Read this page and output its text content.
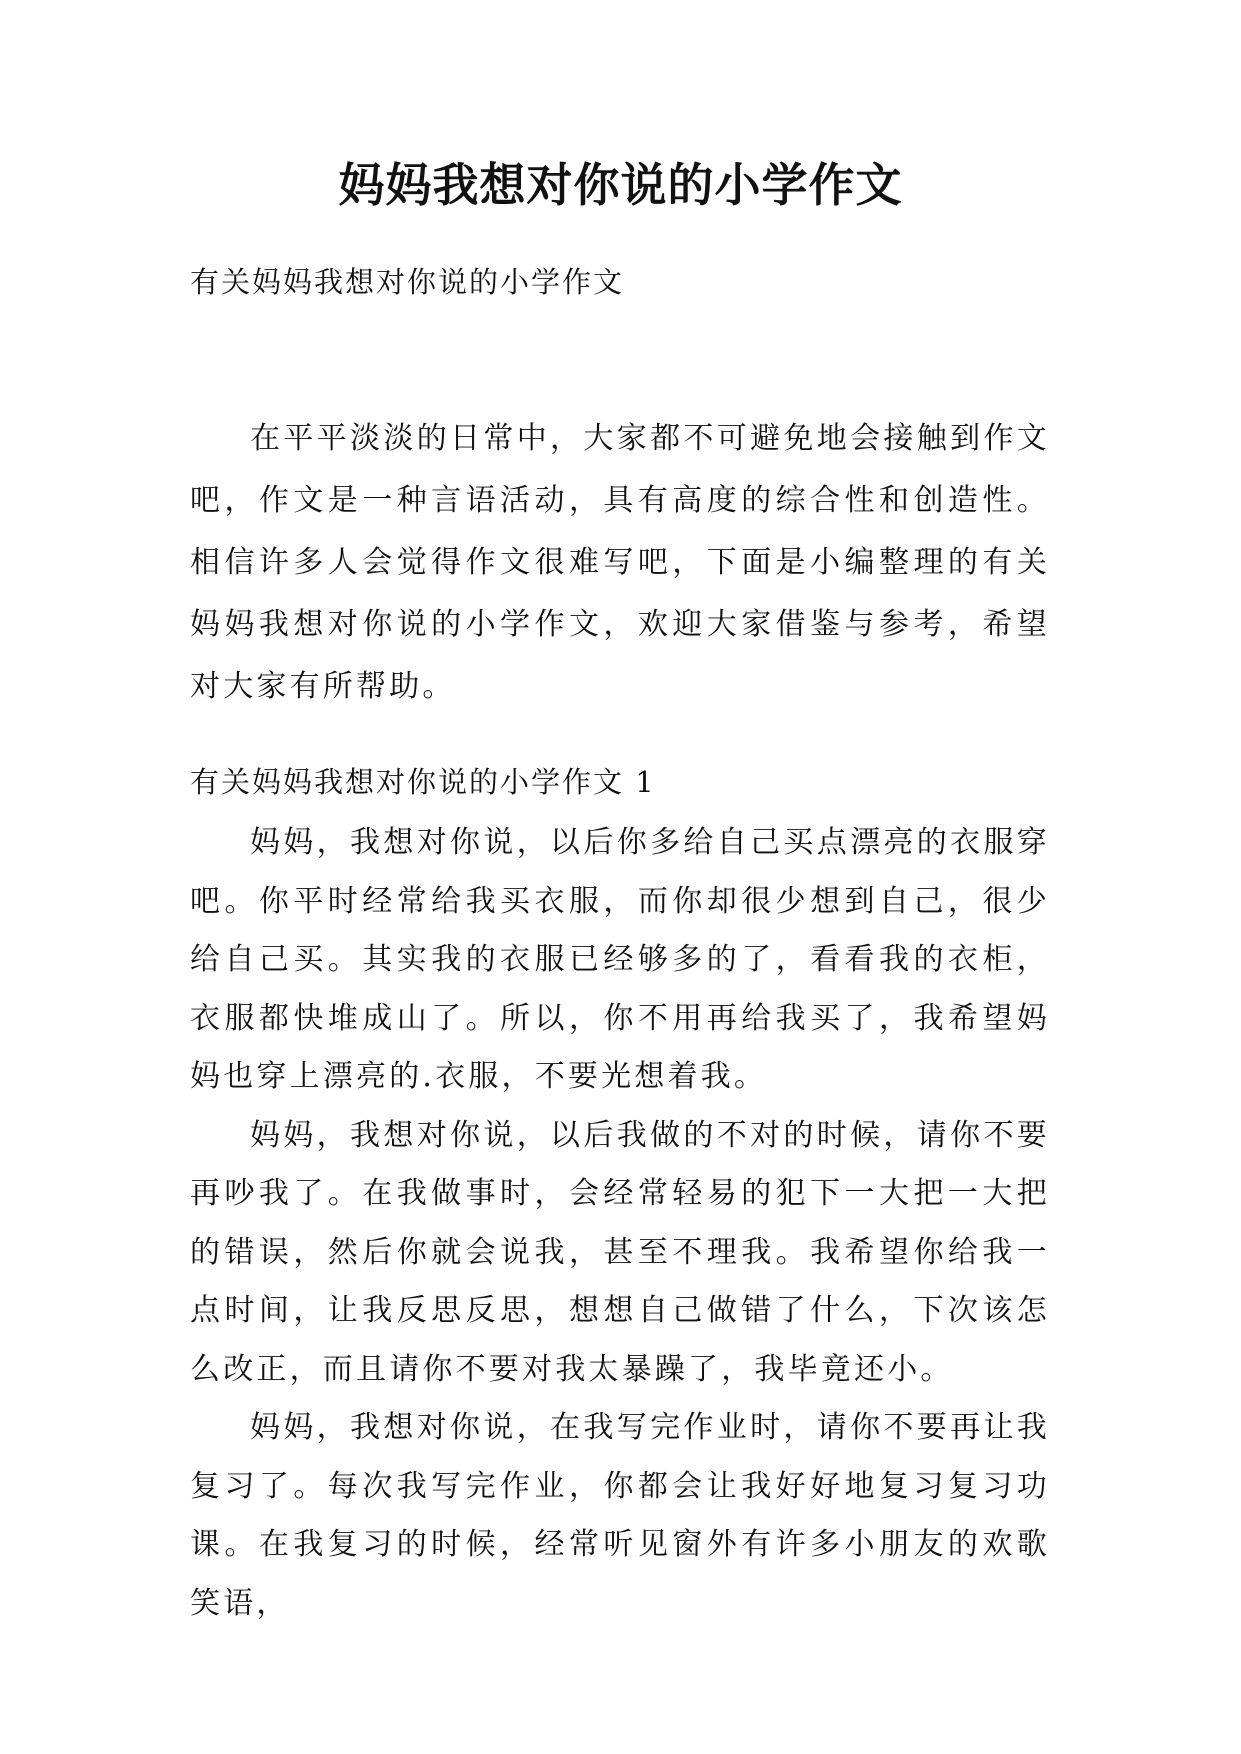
妈妈我想对你说的小学作文
有关妈妈我想对你说的小学作文

在平平淡淡的日常中，大家都不可避免地会接触到作文吧，作文是一种言语活动，具有高度的综合性和创造性。相信许多人会觉得作文很难写吧，下面是小编整理的有关妈妈我想对你说的小学作文，欢迎大家借鉴与参考，希望对大家有所帮助。

有关妈妈我想对你说的小学作文 1

妈妈，我想对你说，以后你多给自己买点漂亮的衣服穿吧。你平时经常给我买衣服，而你却很少想到自己，很少给自己买。其实我的衣服已经够多的了，看看我的衣柜，衣服都快堆成山了。所以，你不用再给我买了，我希望妈妈也穿上漂亮的.衣服，不要光想着我。

妈妈，我想对你说，以后我做的不对的时候，请你不要再吵我了。在我做事时，会经常轻易的犯下一大把一大把的错误，然后你就会说我，甚至不理我。我希望你给我一点时间，让我反思反思，想想自己做错了什么，下次该怎么改正，而且请你不要对我太暴躁了，我毕竟还小。

妈妈，我想对你说，在我写完作业时，请你不要再让我复习了。每次我写完作业，你都会让我好好地复习复习功课。在我复习的时候，经常听见窗外有许多小朋友的欢歌笑语，
